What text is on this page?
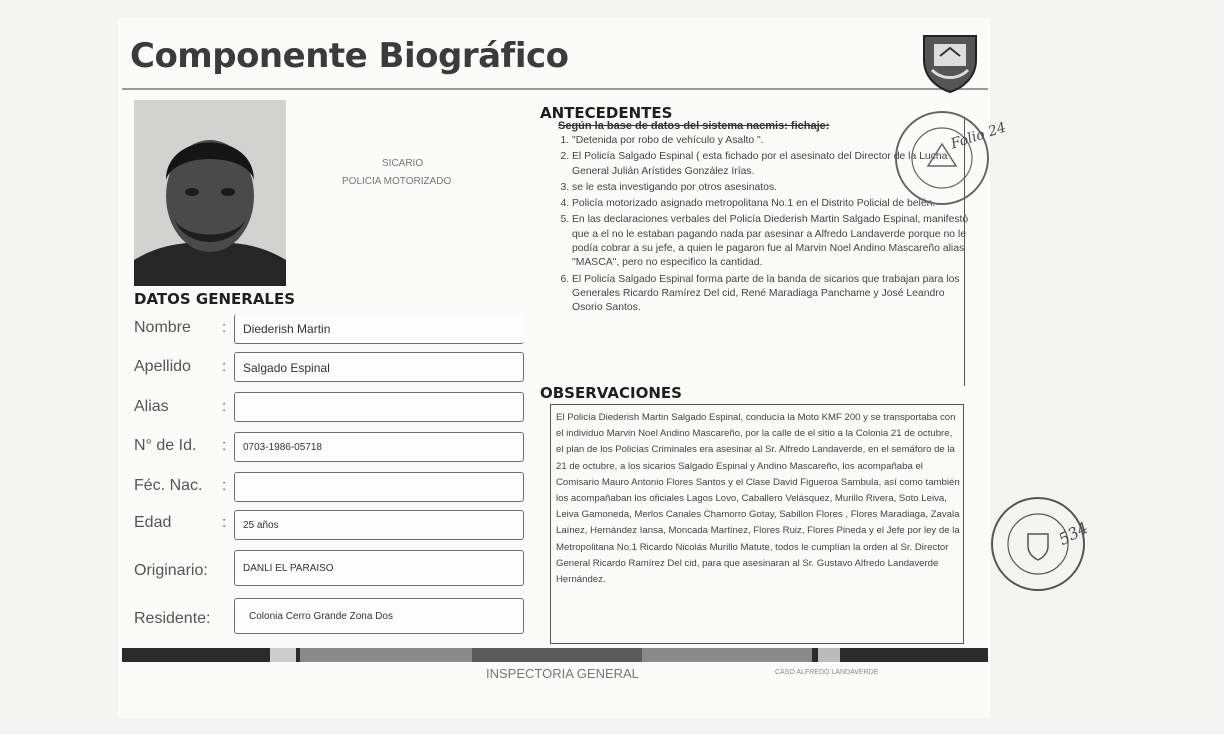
Componente Biográfico
SICARIO
POLICIA MOTORIZADO
DATOS GENERALES
Nombre :	Diederish Martin
Apellido :	Salgado Espinal
Alias	:
N° de Id. :	0703-1986-05718
Féc. Nac. :
Edad	:	25 años
Originario:	DANLI EL PARAISO
Residente:	Colonia Cerro Grande Zona Dos
ANTECEDENTES
Según la base de datos del sistema nacmis: fichaje:
1. "Detenida por robo de vehículo y Asalto ".
2. El Policía Salgado Espinal ( esta fichado por el asesinato del Director de la Lucha General Julián Arístides González Irías.
3. se le esta investigando por otros asesinatos.
4. Policía motorizado asignado metropolitana No.1 en el Distrito Policial de belén.
5. En las declaraciones verbales del Policía Diederish Martin Salgado Espinal, manifestó que a el no le estaban pagando nada par asesinar a Alfredo Landaverde porque no le podía cobrar a su jefe, a quien le pagaron fue al Marvin Noel Andino Mascareño alias "MASCA", pero no especifico la cantidad.
6. El Policía Salgado Espinal forma parte de la banda de sicarios que trabajan para los Generales Ricardo Ramírez Del cid, René Maradiaga Panchame y José Leandro Osorio Santos.
OBSERVACIONES

El Policía Diederish Martin Salgado Espinal, conducía la Moto KMF 200 y se transportaba con el individuo Marvin Noel Andino Mascareño, por la calle de el sitio a la Colonia 21 de octubre, el plan de los Policías Criminales era asesinar al Sr. Alfredo Landaverde, en el semáforo de la 21 de octubre, a los sicarios Salgado Espinal y Andino Mascareño, los acompañaba el Comisario Mauro Antonio Flores Santos y el Clase David Figueroa Sambula, así como también los acompañaban los oficiales Lagos Lovo, Caballero Velásquez, Murillo Rivera, Soto Leiva, Leiva Gamoneda, Merlos Canales Chamorro Gotay, Sabillon Flores , Flores Maradiaga, Zavala Laínez, Hernández Iansa, Moncada Martínez, Flores Ruiz, Flores Pineda y el Jefe por ley de la Metropolitana No.1 Ricardo Nicolás Murillo Matute, todos le cumplían la orden al Sr. Director General Ricardo Ramírez Del cid, para que asesinaran al Sr. Gustavo Alfredo Landaverde Hernández.

INSPECTORIA GENERAL	CASO ALFREDO LANDAVERDE
Folio 24
534
